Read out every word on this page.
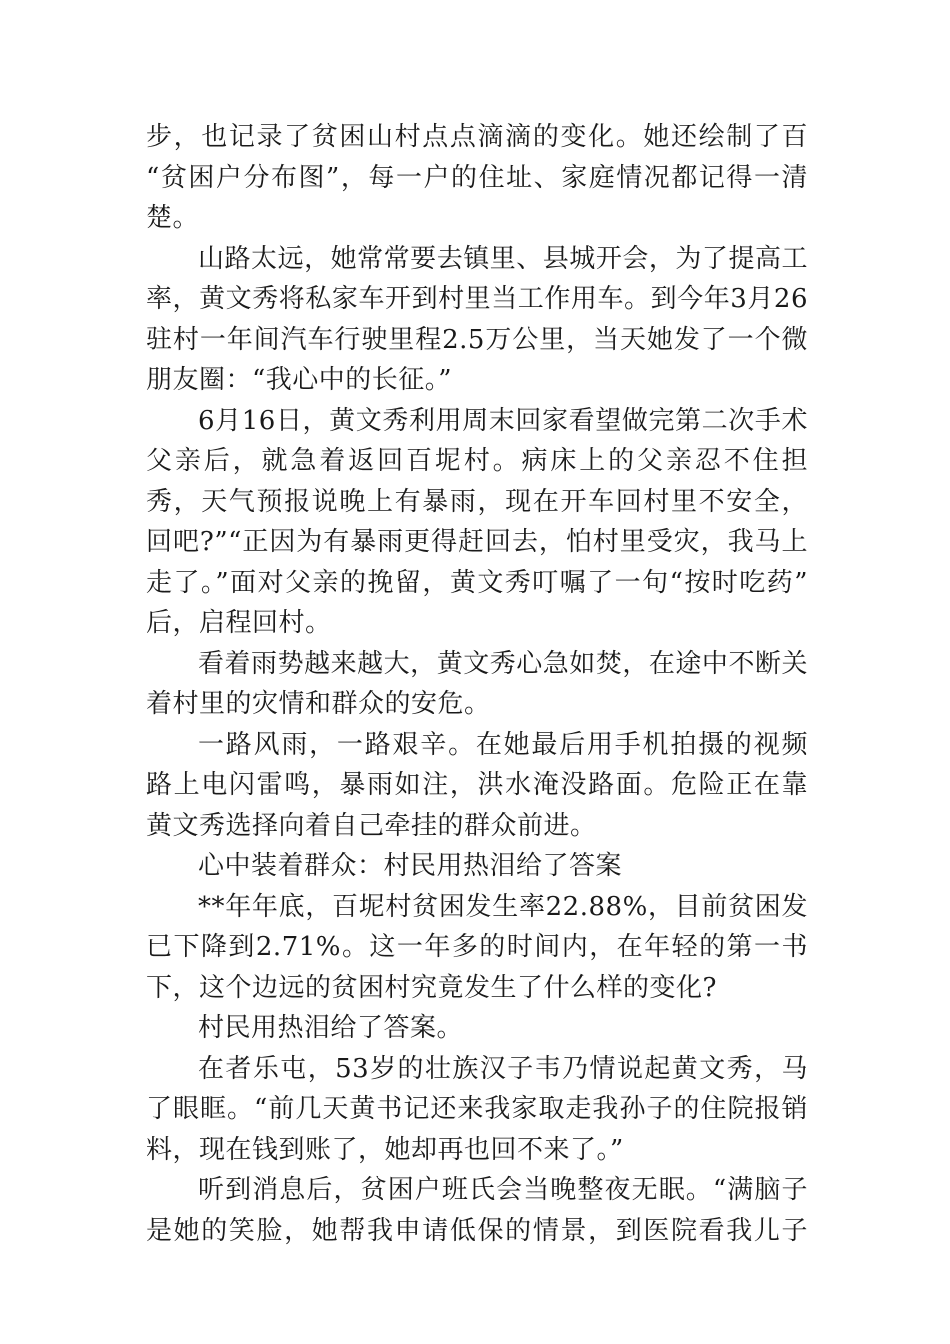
步，也记录了贫困山村点点滴滴的变化。她还绘制了百
“贫困户分布图”，每一户的住址、家庭情况都记得一清
楚。
山路太远，她常常要去镇里、县城开会，为了提高工
率，黄文秀将私家车开到村里当工作用车。到今年3月26
驻村一年间汽车行驶里程2.5万公里，当天她发了一个微
朋友圈：“我心中的长征。”
6月16日，黄文秀利用周末回家看望做完第二次手术
父亲后，就急着返回百坭村。病床上的父亲忍不住担
秀，天气预报说晚上有暴雨，现在开车回村里不安全，
回吧?”“正因为有暴雨更得赶回去，怕村里受灾，我马上
走了。”面对父亲的挽留，黄文秀叮嘱了一句“按时吃药”
后，启程回村。
看着雨势越来越大，黄文秀心急如焚，在途中不断关
着村里的灾情和群众的安危。
一路风雨，一路艰辛。在她最后用手机拍摄的视频
路上电闪雷鸣，暴雨如注，洪水淹没路面。危险正在靠
黄文秀选择向着自己牵挂的群众前进。
心中装着群众：村民用热泪给了答案
**年年底，百坭村贫困发生率22.88%，目前贫困发
已下降到2.71%。这一年多的时间内，在年轻的第一书
下，这个边远的贫困村究竟发生了什么样的变化?
村民用热泪给了答案。
在者乐屯，53岁的壮族汉子韦乃情说起黄文秀，马
了眼眶。“前几天黄书记还来我家取走我孙子的住院报销
料，现在钱到账了，她却再也回不来了。”
听到消息后，贫困户班氏会当晚整夜无眠。“满脑子
是她的笑脸，她帮我申请低保的情景，到医院看我儿子
